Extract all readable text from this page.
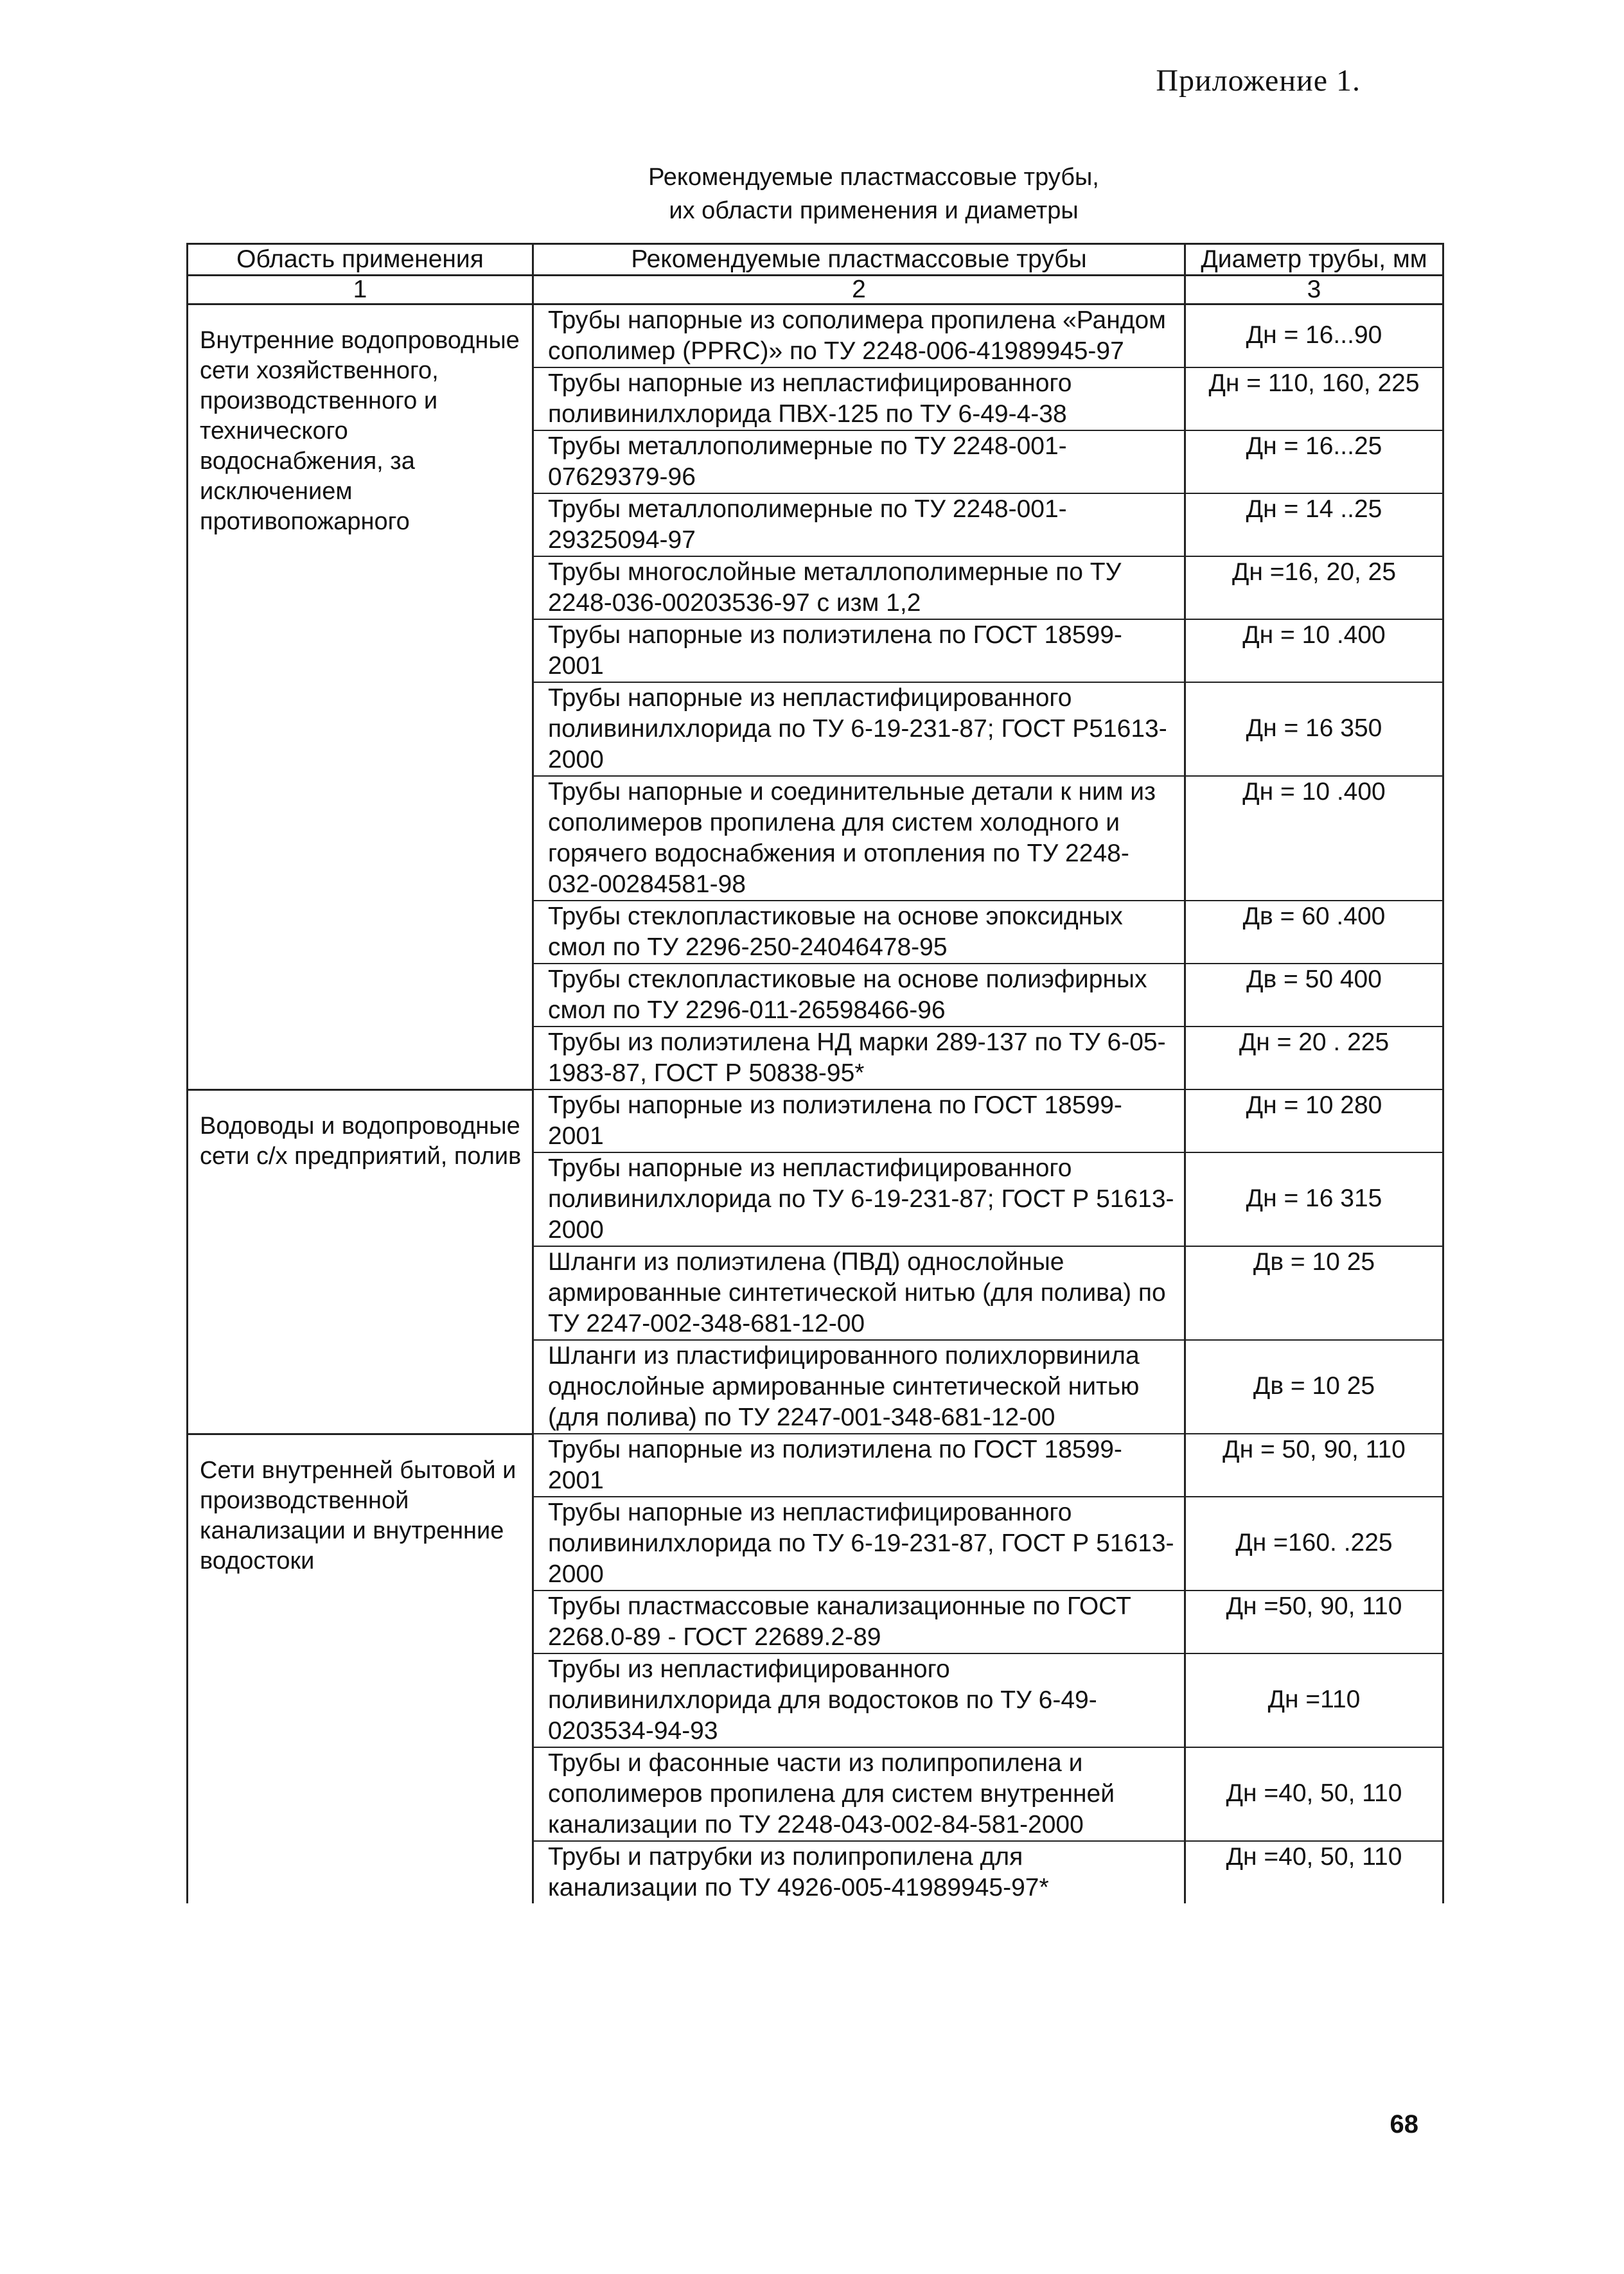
Приложение 1.
Рекомендуемые пластмассовые трубы,
их области применения и диаметры
Область применения	Рекомендуемые пластмассовые трубы	Диаметр трубы, мм
1	2	3
Внутренние водопроводные сети хозяйственного, производственного и технического водоснабжения, за исключением противопожарного	Трубы напорные из сополимера пропилена «Рандом сополимер (PPRC)» по ТУ 2248-006-41989945-97	Дн = 16...90
	Трубы напорные из непластифицированного поливинилхлорида ПВХ-125 по ТУ 6-49-4-38	Дн = 110, 160, 225
	Трубы металлополимерные по ТУ 2248-001-07629379-96	Дн = 16...25
	Трубы металлополимерные по ТУ 2248-001-29325094-97	Дн = 14 ..25
	Трубы многослойные металлополимерные по ТУ 2248-036-00203536-97 с изм 1,2	Дн =16, 20, 25
	Трубы напорные из полиэтилена по ГОСТ 18599-2001	Дн = 10 .400
	Трубы напорные из непластифицированного поливинилхлорида по ТУ 6-19-231-87; ГОСТ Р51613-2000	Дн = 16 350
	Трубы напорные и соединительные детали к ним из сополимеров пропилена для систем холодного и горячего водоснабжения и отопления по ТУ 2248-032-00284581-98	Дн = 10 .400
	Трубы стеклопластиковые на основе эпоксидных смол по ТУ 2296-250-24046478-95	Дв = 60 .400
	Трубы стеклопластиковые на основе полиэфирных смол по ТУ 2296-011-26598466-96	Дв = 50 400
	Трубы из полиэтилена НД марки 289-137 по ТУ 6-05-1983-87, ГОСТ Р 50838-95*	Дн = 20 . 225
Водоводы и водопроводные сети с/х предприятий, полив	Трубы напорные из полиэтилена по ГОСТ 18599-2001	Дн = 10 280
	Трубы напорные из непластифицированного поливинилхлорида по ТУ 6-19-231-87; ГОСТ Р 51613-2000	Дн = 16 315
	Шланги из полиэтилена (ПВД) однослойные армированные синтетической нитью (для полива) по ТУ 2247-002-348-681-12-00	Дв = 10 25
	Шланги из пластифицированного полихлорвинила однослойные армированные синтетической нитью (для полива) по ТУ 2247-001-348-681-12-00	Дв = 10 25
Сети внутренней бытовой и производственной канализации и внутренние водостоки	Трубы напорные из полиэтилена по ГОСТ 18599-2001	Дн = 50, 90, 110
	Трубы напорные из непластифицированного поливинилхлорида по ТУ 6-19-231-87, ГОСТ Р 51613-2000	Дн =160. .225
	Трубы пластмассовые канализационные по ГОСТ 2268.0-89 - ГОСТ 22689.2-89	Дн =50, 90, 110
	Трубы из непластифицированного поливинилхлорида для водостоков по ТУ 6-49-0203534-94-93	Дн =110
	Трубы и фасонные части из полипропилена и сополимеров пропилена для систем внутренней канализации по ТУ 2248-043-002-84-581-2000	Дн =40, 50, 110
	Трубы и патрубки из полипропилена для канализации по ТУ 4926-005-41989945-97*	Дн =40, 50, 110
68
